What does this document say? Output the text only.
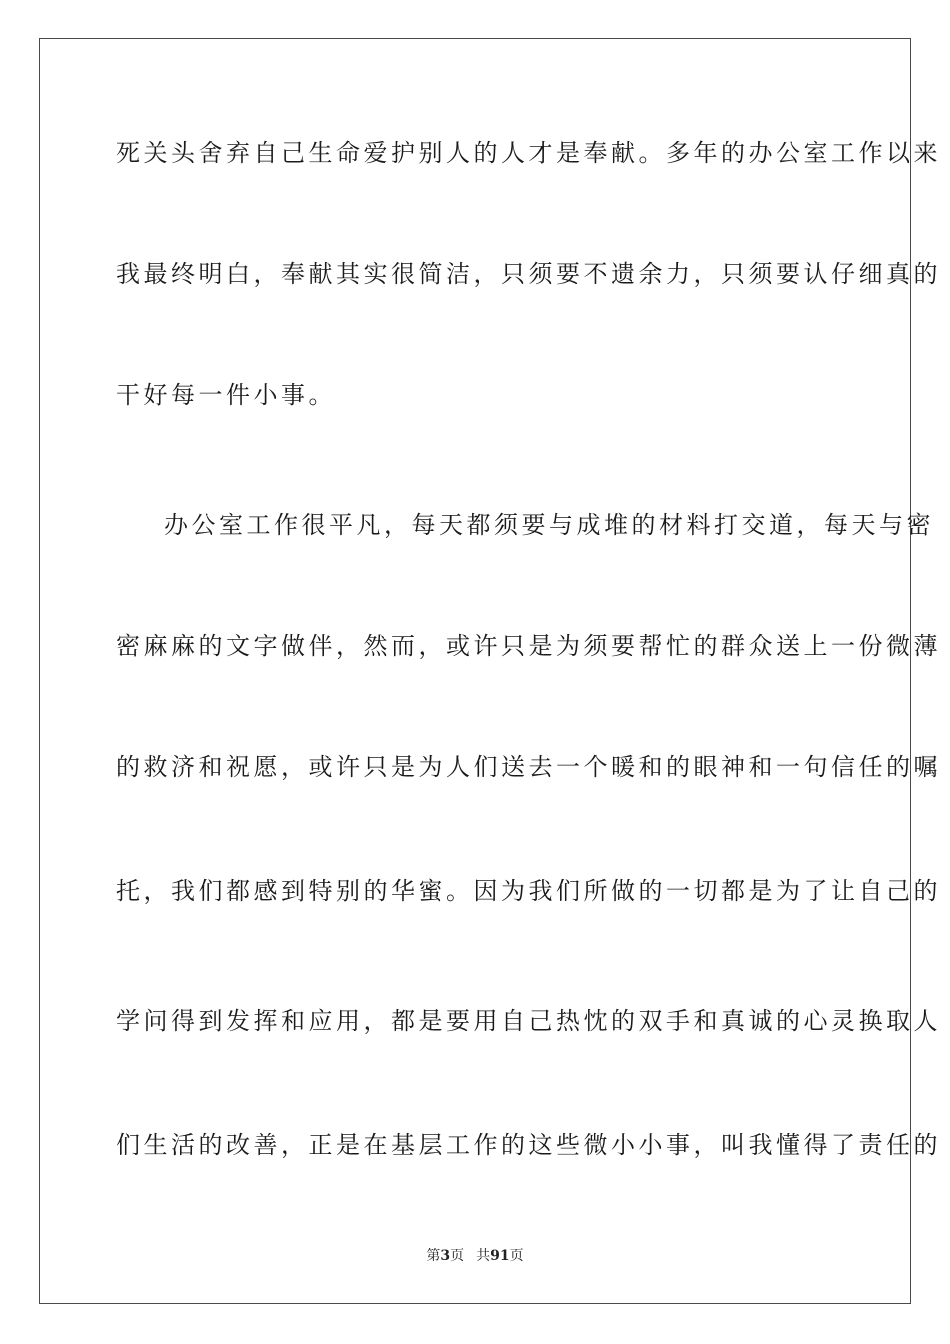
死关头舍弃自己生命爱护别人的人才是奉献。多年的办公室工作以来
我最终明白，奉献其实很简洁，只须要不遗余力，只须要认仔细真的
干好每一件小事。
办公室工作很平凡，每天都须要与成堆的材料打交道，每天与密
密麻麻的文字做伴，然而，或许只是为须要帮忙的群众送上一份微薄
的救济和祝愿，或许只是为人们送去一个暖和的眼神和一句信任的嘱
托，我们都感到特别的华蜜。因为我们所做的一切都是为了让自己的
学问得到发挥和应用，都是要用自己热忱的双手和真诚的心灵换取人
们生活的改善，正是在基层工作的这些微小小事，叫我懂得了责任的
第3页 共91页
